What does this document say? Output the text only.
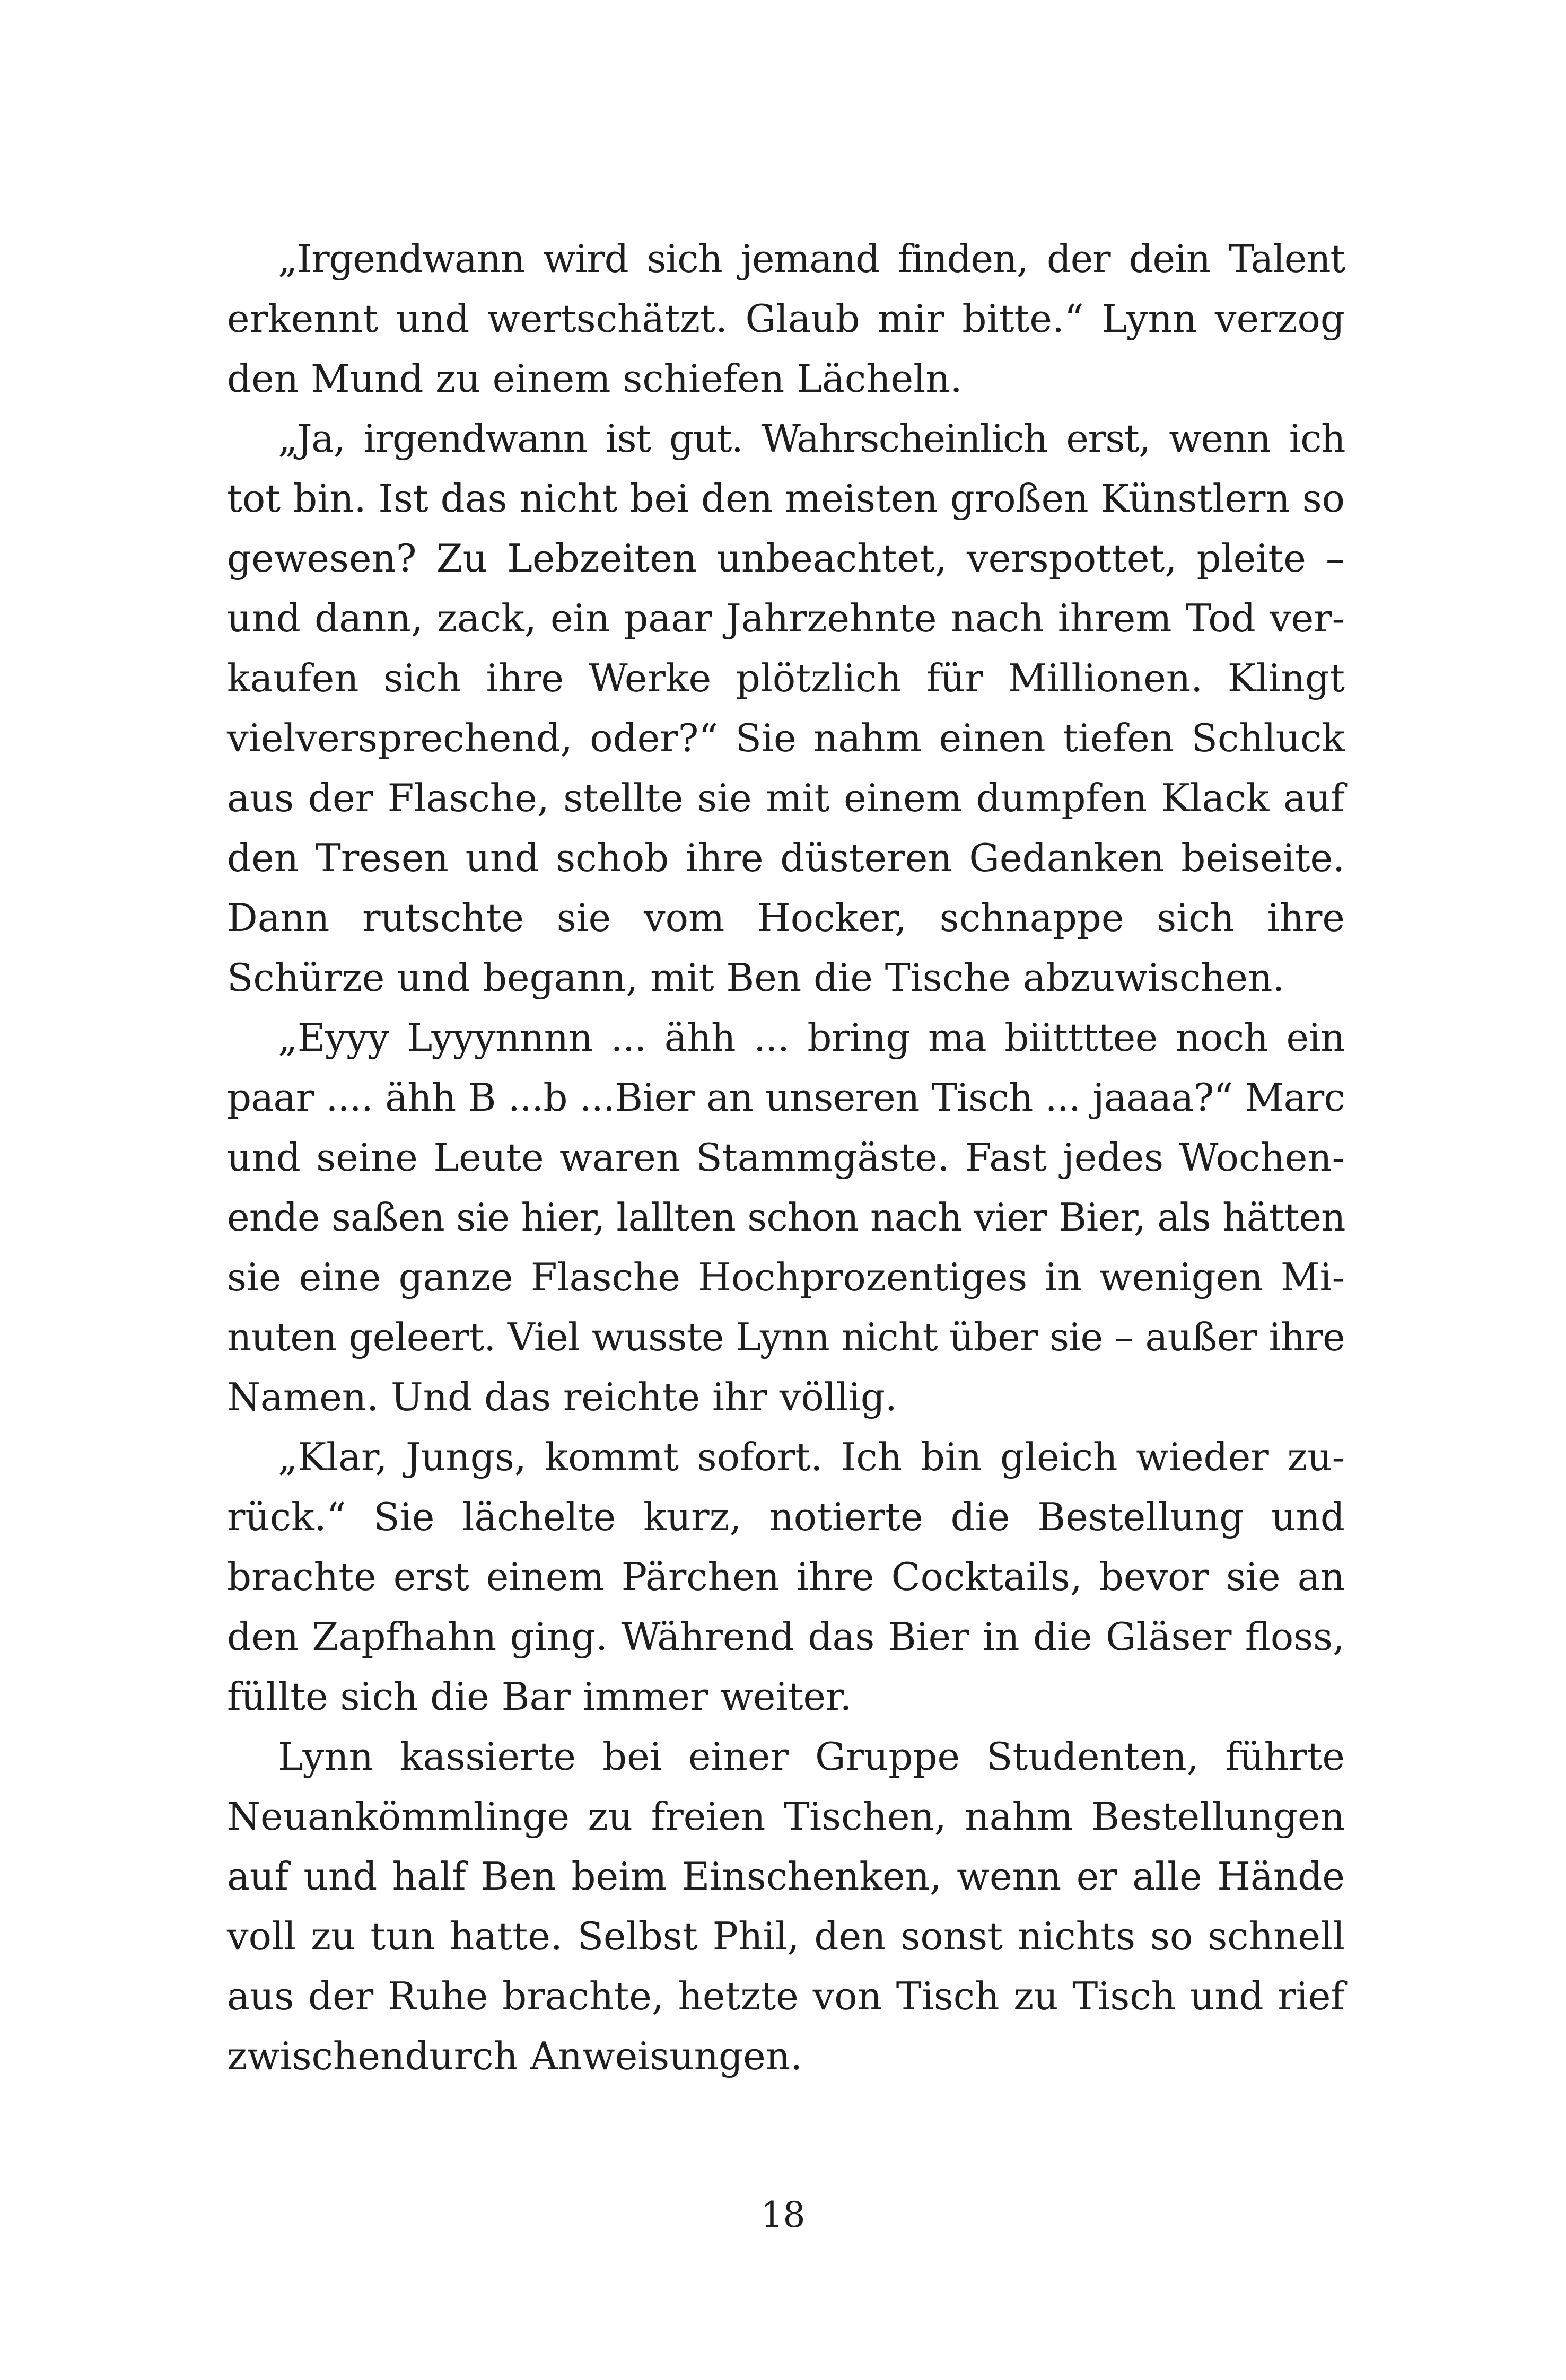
„Irgendwann wird sich jemand finden, der dein Talent
erkennt und wertschätzt. Glaub mir bitte.“ Lynn verzog
den Mund zu einem schiefen Lächeln.
„Ja, irgendwann ist gut. Wahrscheinlich erst, wenn ich
tot bin. Ist das nicht bei den meisten großen Künstlern so
gewesen? Zu Lebzeiten unbeachtet, verspottet, pleite –
und dann, zack, ein paar Jahrzehnte nach ihrem Tod ver-
kaufen sich ihre Werke plötzlich für Millionen. Klingt
vielversprechend, oder?“ Sie nahm einen tiefen Schluck
aus der Flasche, stellte sie mit einem dumpfen Klack auf
den Tresen und schob ihre düsteren Gedanken beiseite.
Dann rutschte sie vom Hocker, schnappe sich ihre
Schürze und begann, mit Ben die Tische abzuwischen.
„Eyyy Lyyynnnn ... ähh ... bring ma biittttee noch ein
paar .... ähh B ...b ...Bier an unseren Tisch ... jaaaa?“ Marc
und seine Leute waren Stammgäste. Fast jedes Wochen-
ende saßen sie hier, lallten schon nach vier Bier, als hätten
sie eine ganze Flasche Hochprozentiges in wenigen Mi-
nuten geleert. Viel wusste Lynn nicht über sie – außer ihre
Namen. Und das reichte ihr völlig.
„Klar, Jungs, kommt sofort. Ich bin gleich wieder zu-
rück.“ Sie lächelte kurz, notierte die Bestellung und
brachte erst einem Pärchen ihre Cocktails, bevor sie an
den Zapfhahn ging. Während das Bier in die Gläser floss,
füllte sich die Bar immer weiter.
Lynn kassierte bei einer Gruppe Studenten, führte
Neuankömmlinge zu freien Tischen, nahm Bestellungen
auf und half Ben beim Einschenken, wenn er alle Hände
voll zu tun hatte. Selbst Phil, den sonst nichts so schnell
aus der Ruhe brachte, hetzte von Tisch zu Tisch und rief
zwischendurch Anweisungen.
18
